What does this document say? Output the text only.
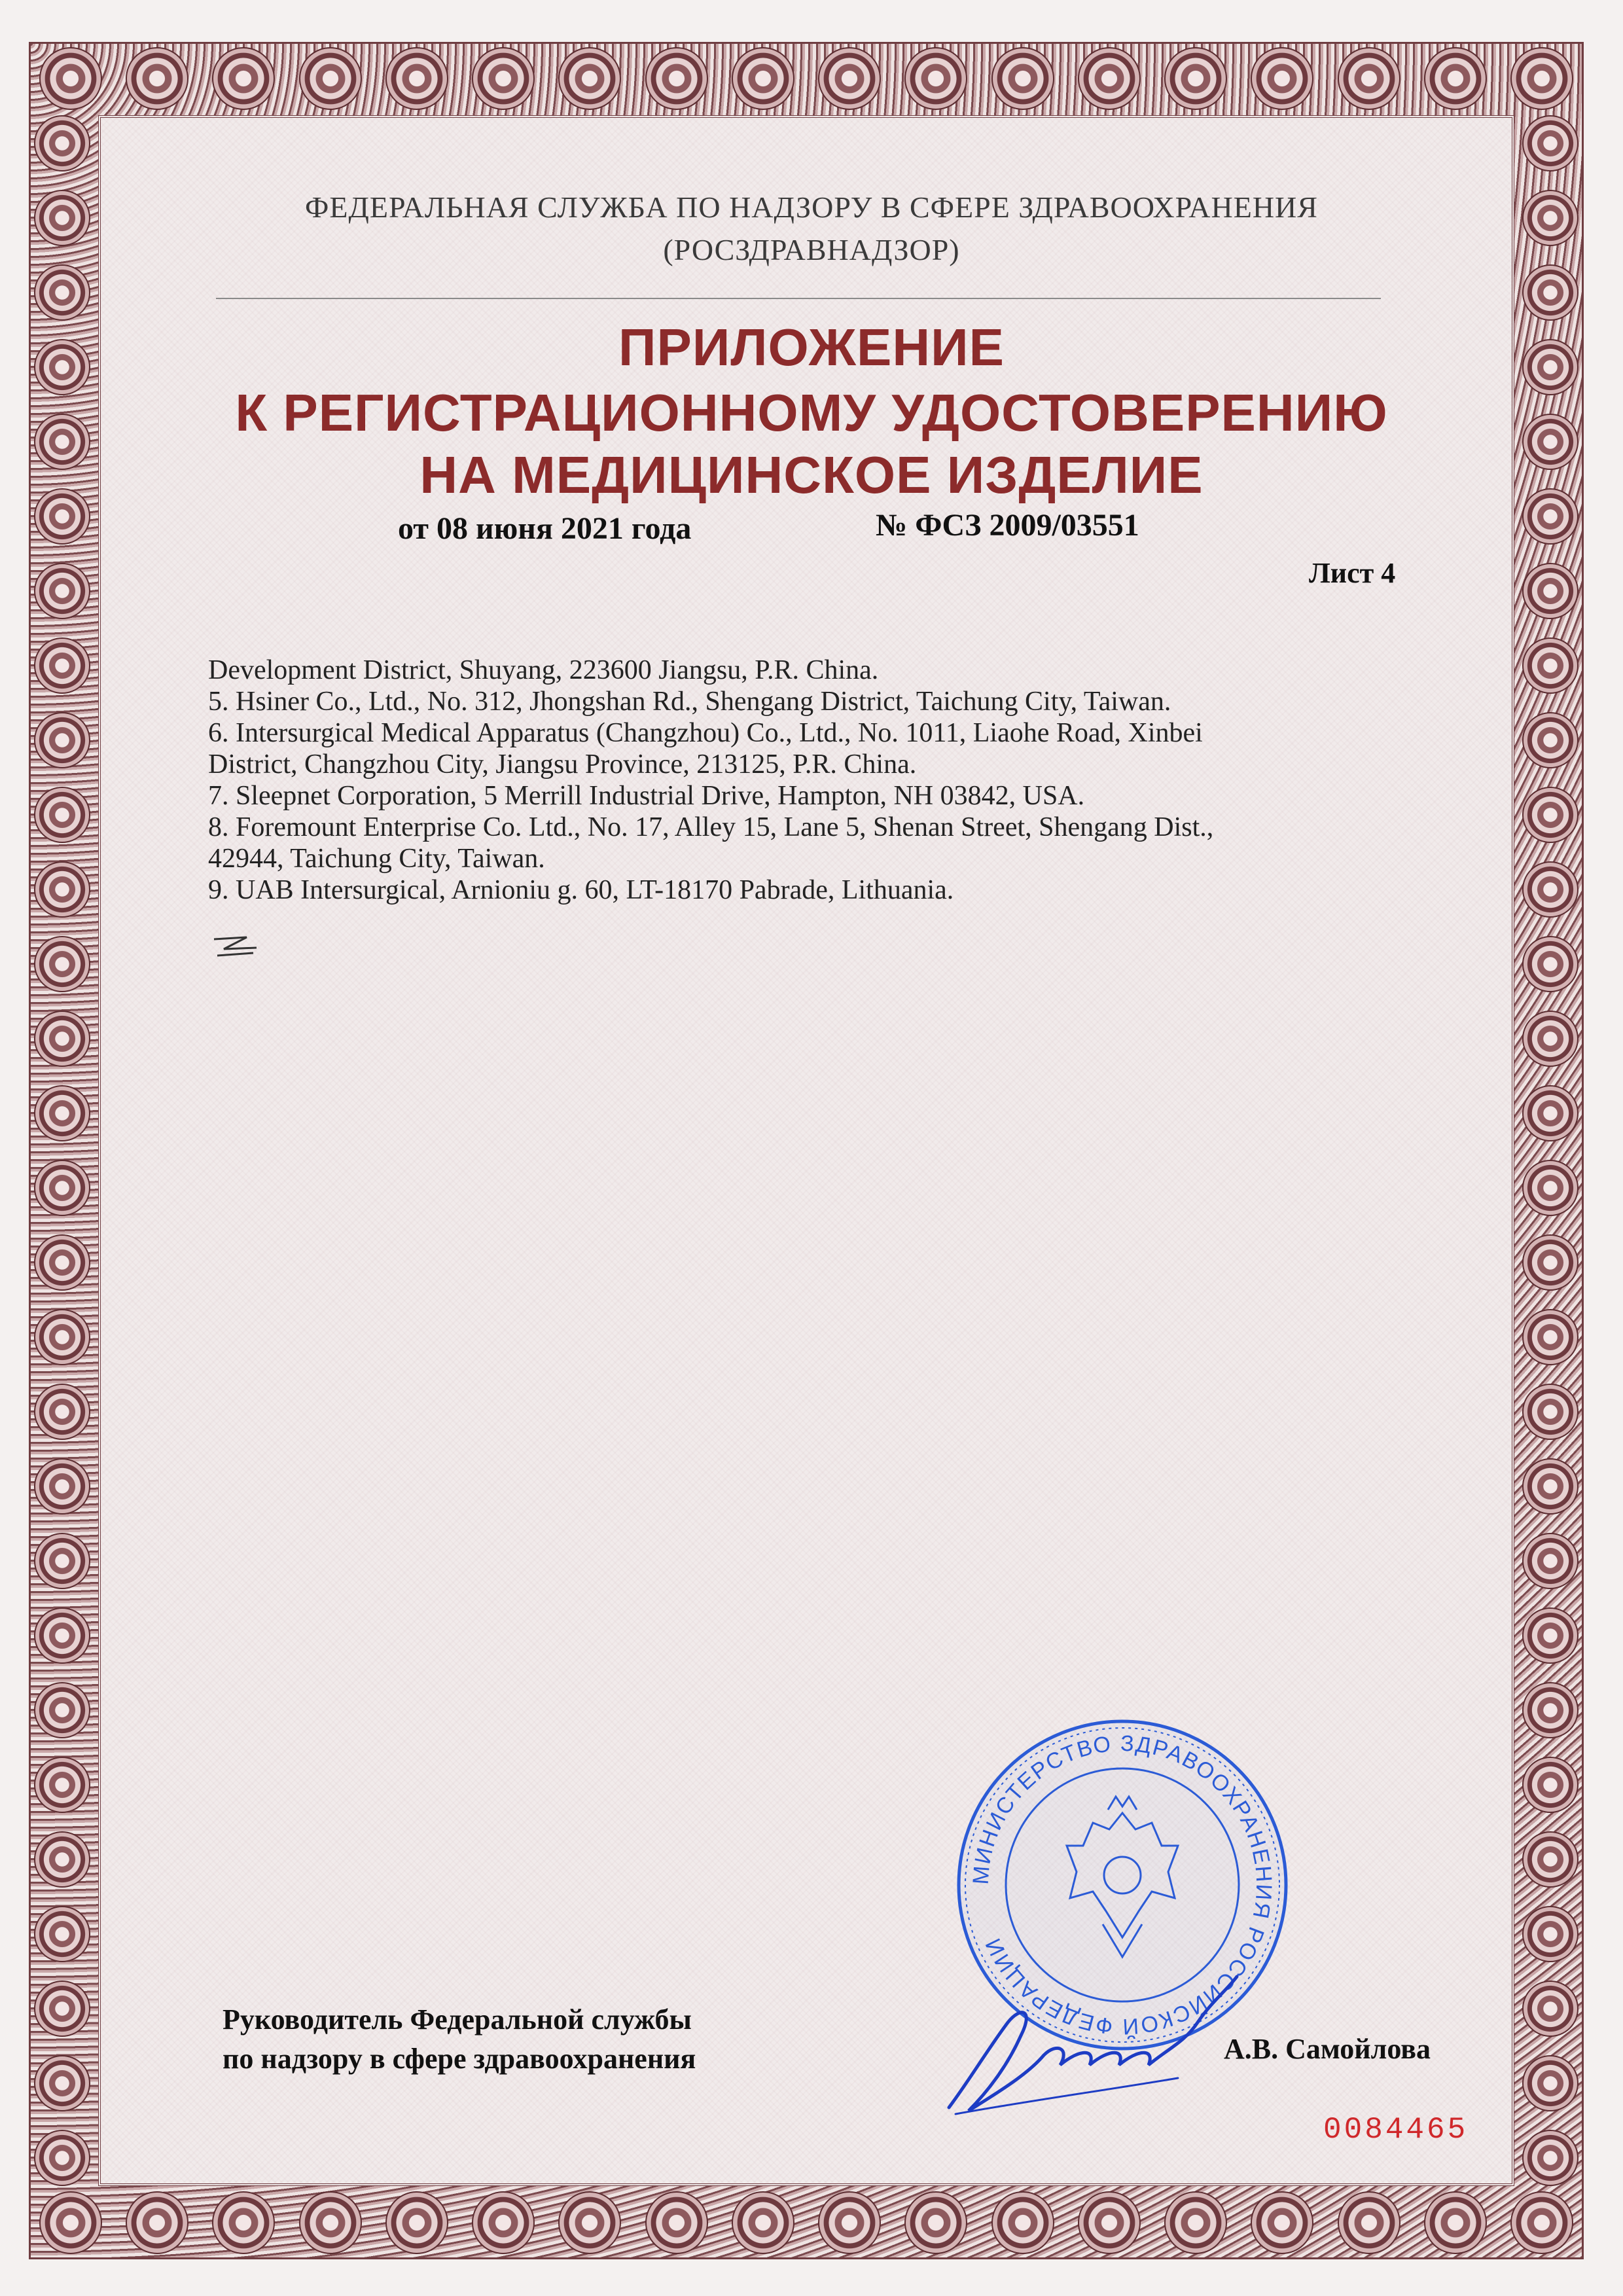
ФЕДЕРАЛЬНАЯ СЛУЖБА ПО НАДЗОРУ В СФЕРЕ ЗДРАВООХРАНЕНИЯ
(РОСЗДРАВНАДЗОР)
ПРИЛОЖЕНИЕ
К РЕГИСТРАЦИОННОМУ УДОСТОВЕРЕНИЮ
НА МЕДИЦИНСКОЕ ИЗДЕЛИЕ
от 08 июня 2021 года	№ ФСЗ 2009/03551
Лист 4

Development District, Shuyang, 223600 Jiangsu, P.R. China.

5. Hsiner Co., Ltd., No. 312, Jhongshan Rd., Shengang District, Taichung City, Taiwan.

6. Intersurgical Medical Apparatus (Changzhou) Co., Ltd., No. 1011, Liaohe Road, Xinbei

District, Changzhou City, Jiangsu Province, 213125, P.R. China.

7. Sleepnet Corporation, 5 Merrill Industrial Drive, Hampton, NH 03842, USA.

8. Foremount Enterprise Co. Ltd., No. 17, Alley 15, Lane 5, Shenan Street, Shengang Dist.,

42944, Taichung City, Taiwan.

9. UAB Intersurgical, Arnioniu g. 60, LT-18170 Pabrade, Lithuania.

МИНИСТЕРСТВО ЗДРАВООХРАНЕНИЯ РОССИЙСКОЙ ФЕДЕРАЦИИ
Руководитель Федеральной службы
по надзору в сфере здравоохранения	А.В. Самойлова
0084465
